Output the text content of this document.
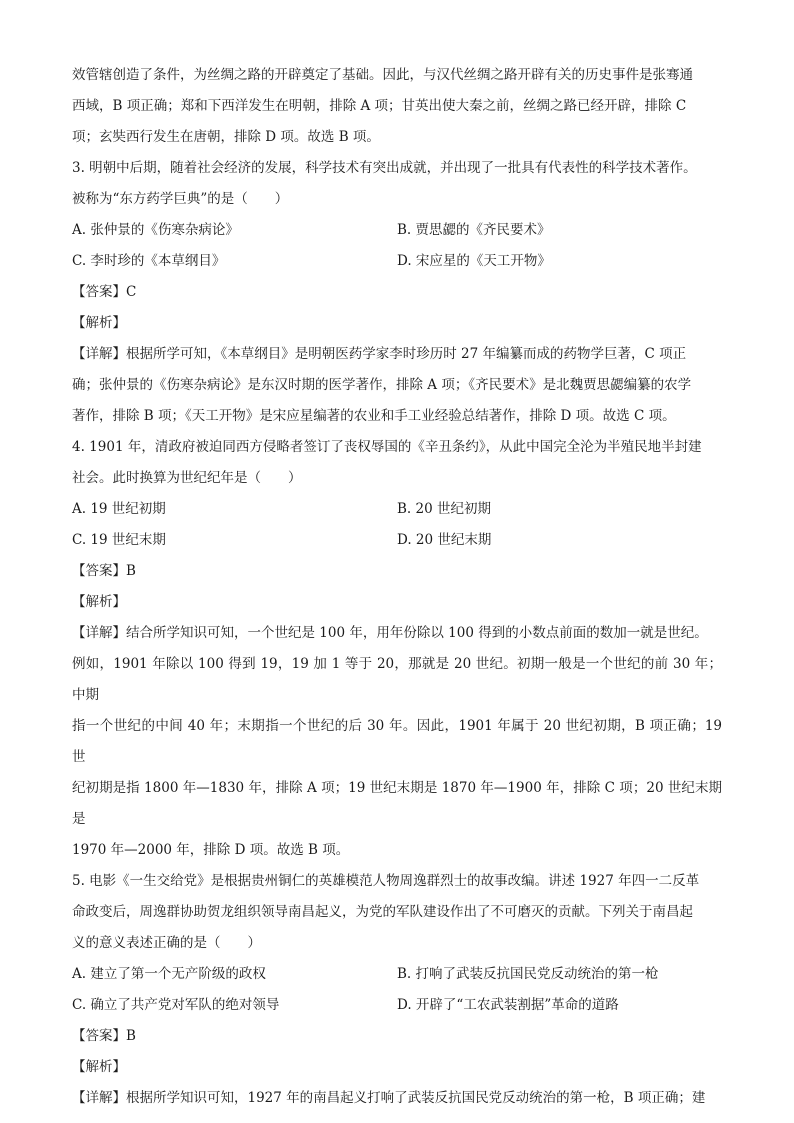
效管辖创造了条件，为丝绸之路的开辟奠定了基础。因此，与汉代丝绸之路开辟有关的历史事件是张骞通

西域，B 项正确；郑和下西洋发生在明朝，排除 A 项；甘英出使大秦之前，丝绸之路已经开辟，排除 C

项；玄奘西行发生在唐朝，排除 D 项。故选 B 项。

3. 明朝中后期，随着社会经济的发展，科学技术有突出成就，并出现了一批具有代表性的科学技术著作。

被称为“东方药学巨典”的是（　　）

A. 张仲景的《伤寒杂病论》	B. 贾思勰的《齐民要术》
C. 李时珍的《本草纲目》	D. 宋应星的《天工开物》

【答案】C

【解析】

【详解】根据所学可知，《本草纲目》是明朝医药学家李时珍历时 27 年编纂而成的药物学巨著，C 项正

确；张仲景的《伤寒杂病论》是东汉时期的医学著作，排除 A 项；《齐民要术》是北魏贾思勰编纂的农学

著作，排除 B 项；《天工开物》是宋应星编著的农业和手工业经验总结著作，排除 D 项。故选 C 项。

4. 1901 年，清政府被迫同西方侵略者签订了丧权辱国的《辛丑条约》，从此中国完全沦为半殖民地半封建

社会。此时换算为世纪纪年是（　　）

A. 19 世纪初期	B. 20 世纪初期
C. 19 世纪末期	D. 20 世纪末期

【答案】B

【解析】

【详解】结合所学知识可知，一个世纪是 100 年，用年份除以 100 得到的小数点前面的数加一就是世纪。

例如，1901 年除以 100 得到 19，19 加 1 等于 20，那就是 20 世纪。初期一般是一个世纪的前 30 年；中期

指一个世纪的中间 40 年；末期指一个世纪的后 30 年。因此，1901 年属于 20 世纪初期，B 项正确；19 世

纪初期是指 1800 年—1830 年，排除 A 项；19 世纪末期是 1870 年—1900 年，排除 C 项；20 世纪末期是

1970 年—2000 年，排除 D 项。故选 B 项。

5. 电影《一生交给党》是根据贵州铜仁的英雄模范人物周逸群烈士的故事改编。讲述 1927 年四一二反革

命政变后，周逸群协助贺龙组织领导南昌起义，为党的军队建设作出了不可磨灭的贡献。下列关于南昌起

义的意义表述正确的是（　　）

A. 建立了第一个无产阶级的政权	B. 打响了武装反抗国民党反动统治的第一枪
C. 确立了共产党对军队的绝对领导	D. 开辟了“工农武装割据”革命的道路

【答案】B

【解析】

【详解】根据所学知识可知，1927 年的南昌起义打响了武装反抗国民党反动统治的第一枪，B 项正确；建
